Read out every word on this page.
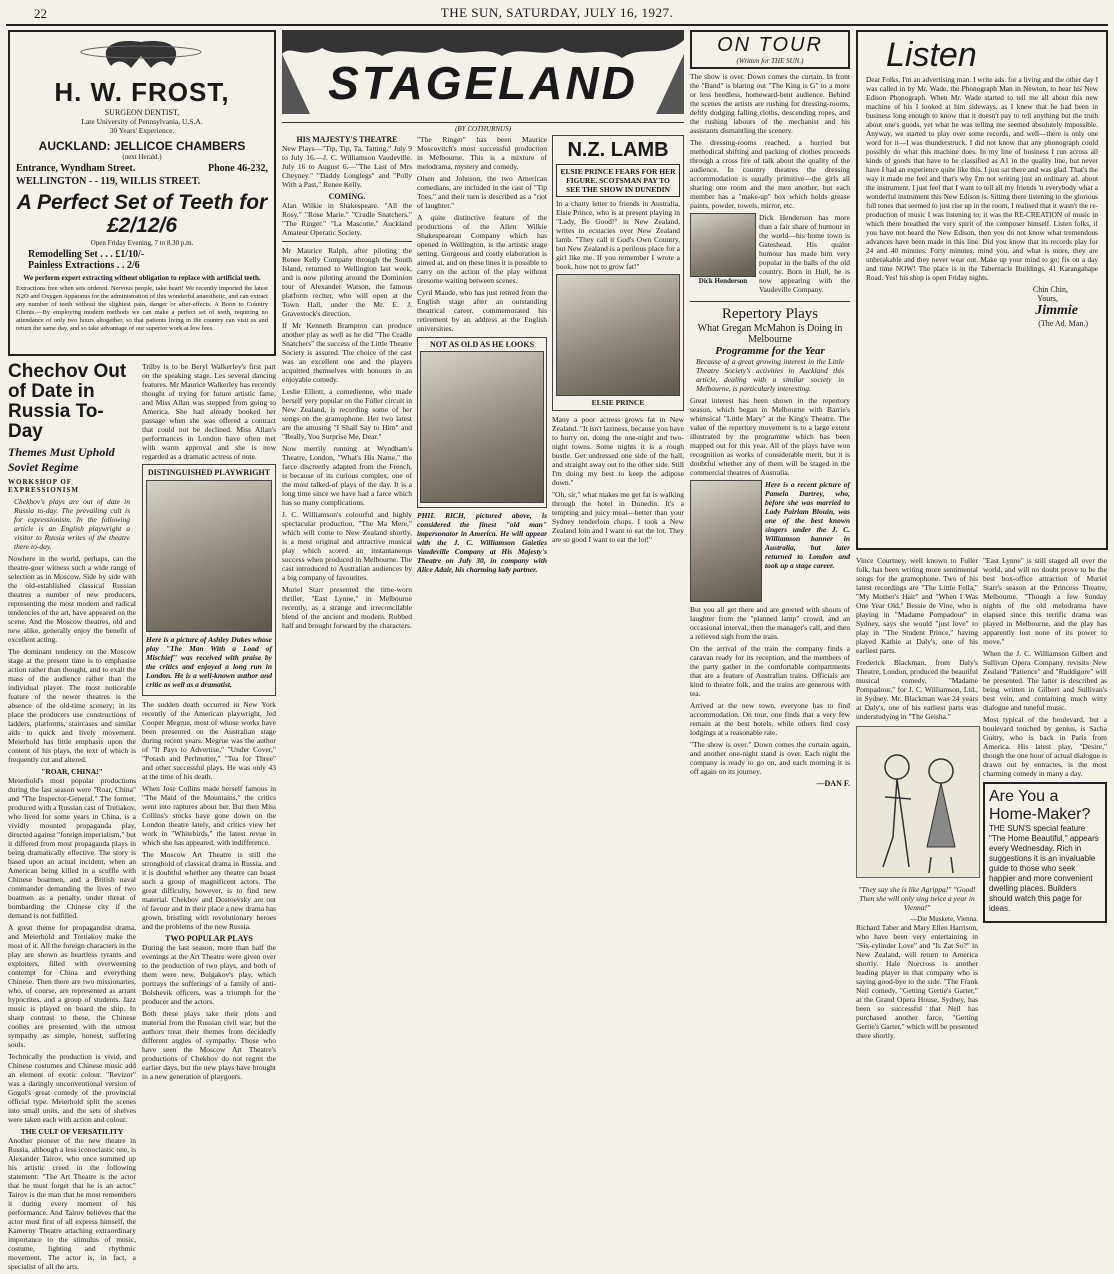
22	THE SUN, SATURDAY, JULY 16, 1927.
H. W. FROST,
SURGEON DENTIST,
Late University of Pennsylvania, U.S.A.
30 Years' Experience.
AUCKLAND: JELLICOE CHAMBERS
(next Herald.)
Entrance, Wyndham Street.	Phone 46-232,
WELLINGTON - - 119, WILLIS STREET.
A Perfect Set of Teeth for £2/12/6
Open Friday Evening, 7 to 8.30 p.m.
Remodelling Set . . . £1/10/-
Painless Extractions . . 2/6
We perform expert extracting without obligation to replace with artificial teeth.
Extractions free when sets ordered. Nervous people, take heart! We recently imported the latest N2O and Oxygen Apparatus for the administration of this wonderful anaesthetic, and can extract any number of teeth without the slightest pain, danger or after-effects. A Boon to Country Clients.—By employing modern methods we can make a perfect set of teeth, requiring no attendance of only two hours altogether, so that patients living in the country can visit us and return the same day, and so take advantage of our superior work at low fees.
Chechov Out of Date in Russia To-Day
Themes Must Uphold Soviet Regime
WORKSHOP OF EXPRESSIONISM

Chekhov's plays are out of date in Russia to-day. The prevailing cult is for expressionism. In the following article is an English playwright a visitor to Russia writes of the theatre there to-day.

Nowhere in the world, perhaps, can the theatre-goer witness such a wide range of selection as in Moscow. Side by side with the old-established classical Russian theatres a number of new producers, representing the most modern and radical tendencies of the art, have appeared on the scene. And the Moscow theatres, old and new alike, generally enjoy the benefit of excellent acting.

The dominant tendency on the Moscow stage at the present time is to emphasise action rather than thought, and to exalt the mass of the audience rather than the individual player. The most noticeable feature of the newer theatres is the absence of the old-time scenery; in its place the producers use constructions of ladders, platforms, staircases and similar aids to quick and lively movement. Meierhold has little emphasis upon the content of his plays, the text of which is frequently cut and altered.

"ROAR, CHINA!"

Meierhold's most popular productions during the last season were "Roar, China" and "The Inspector-General." The former, produced with a Russian cast of Tretiakov, who lived for some years in China, is a vividly mounted propaganda play, directed against "foreign imperialism," but it differed from most propaganda plays in being dramatically effective. The story is based upon an actual incident, when an American being killed in a scuffle with Chinese boatmen, and a British naval commander demanding the lives of two boatmen as a penalty, under threat of bombarding the Chinese city if the demand is not fulfilled.

A great theme for propagandist drama, and Meierhold and Tretiakov make the most of it. All the foreign characters in the play are shown as heartless tyrants and exploiters, filled with overweening contempt for China and everything Chinese. Then there are two missionaries, who, of course, are represented as arrant hypocrites, and a group of students. Jazz music is played on board the ship. In sharp contrast to these, the Chinese coolies are presented with the utmost sympathy as simple, honest, suffering souls.

Technically the production is vivid, and Chinese costumes and Chinese music add an element of exotic colour. "Revizor" was a daringly unconventional version of Gogol's great comedy of the provincial official type. Meierhold split the scenes into small units, and the sets of shelves were taken each with action and colour.

THE CULT OF VERSATILITY

Another pioneer of the new theatre in Russia, although a less iconoclastic one, is Alexander Tairov, who once summed up his artistic creed in the following statement: "The Art Theatre is the actor that he must forget that he is an actor." Tairov is the man that he most remembers it during every moment of his performance. And Tairov believes that the actor must first of all express himself, the Kamerny Theatre attaching extraordinary importance to the stimulus of music, costume, lighting and rhythmic movement. The actor is, in fact, a specialist of all the arts.

Trilby is to be Beryl Walkerley's first part on the speaking stage. Les several dancing features. Mr Maurice Walkerley has recently thought of trying for future artistic fame, and Miss Allan was stepped from going to America. She had already booked her passage when she was offered a contract that could not be declined. Miss Allan's performances in London have often met with warm approval and she is now regarded as a dramatic actress of note.

DISTINGUISHED PLAYWRIGHT

Here is a picture of Ashley Dukes whose play "The Man With a Load of Mischief" was received with praise by the critics and enjoyed a long run in London. He is a well-known author and critic as well as a dramatist.

The sudden death occurred in New York recently of the American playwright, Jed Cooper Megrue, most of whose works have been presented on the Australian stage during recent years. Megrue was the author of "It Pays to Advertise," "Under Cover," "Potash and Perlmutter," "Tea for Three" and other successful plays. He was only 43 at the time of his death.

When Jose Collins made herself famous in "The Maid of the Mountains," the critics went into raptures about her. But then Miss Collins's stocks have gone down on the London theatre lately, and critics view her work in "Whitebirds," the latest revue in which she has appeared, with indifference.

The Moscow Art Theatre is still the stronghold of classical drama in Russia, and it is doubtful whether any theatre can boast such a group of magnificent actors. The great difficulty, however, is to find new material. Chekhov and Dostoevsky are out of favour and in their place a new drama has grown, bristling with revolutionary heroes and the problems of the new Russia.

TWO POPULAR PLAYS

During the last season, more than half the evenings at the Art Theatre were given over to the production of two plays, and both of them were new. Bulgakov's play, which portrays the sufferings of a family of anti-Bolshevik officers, was a triumph for the producer and the actors.

Both these plays take their plots and material from the Russian civil war; but the authors treat their themes from decidedly different angles of sympathy. Those who have seen the Moscow Art Theatre's productions of Chekhov do not regret the earlier days, but the new plays have brought in a new generation of playgoers.

STAGELAND
(BY COTHURNUS)
HIS MAJESTY'S THEATRE

New Plays—"Tip, Tip, Ta, Tatting." July 9 to July 16.—J. C. Williamson Vaudeville. July 16 to August 6.—"The Last of Mrs Cheyney." "Daddy Longlegs" and "Polly With a Past," Renee Kelly.

COMING.

Alan Wilkie in Shakespeare. "All the Rosy." "Rose Marie." "Cradle Snatchers." "The Ringer." "La Mascotte," Auckland Amateur Operatic Society.

Mr Maurice Ralph, after piloting the Renee Kelly Company through the South Island, returned to Wellington last week, and is now piloting around the Dominion tour of Alexander Watson, the famous platform reciter, who will open at the Town Hall, under the Mr. E. J. Gravestock's direction.

If Mr Kenneth Brampton can produce another play as well as he did "The Cradle Snatchers" the success of the Little Theatre Society is assured. The choice of the cast was an excellent one and the players acquitted themselves with honours in an enjoyable comedy.

Leslie Elliott, a comedienne, who made herself very popular on the Fuller circuit in New Zealand, is recording some of her songs on the gramophone. Her two latest are the amusing "I Shall Say to Him" and "Really, You Surprise Me, Dear."

Now merrily running at Wyndham's Theatre, London, "What's His Name," the farce discreetly adapted from the French, is because of its curious complex, one of the most talked-of plays of the day. It is a long time since we have had a farce which has so many complications.

J. C. Williamson's colourful and highly spectacular production, "The Ma Mere," which will come to New Zealand shortly, is a most original and attractive musical play which scored an instantaneous success when produced in Melbourne. The cast introduced to Australian audiences by a big company of favourites.

Muriel Starr presented the time-worn thriller, "East Lynne," in Melbourne recently, as a strange and irreconcilable blend of the ancient and modern. Robbed half and brought forward by the characters.

"The Ringer" has been Maurice Moscovitch's most successful production in Melbourne. This is a mixture of melodrama, mystery and comedy.

Olsen and Johnson, the two American comedians, are included in the cast of "Tip Toes," and their turn is described as a "riot of laughter."

A quite distinctive feature of the productions of the Allen Wilkie Shakespearean Company which has opened in Wellington, is the artistic stage setting. Gorgeous and costly elaboration is aimed at, and on these lines it is possible to carry on the action of the play without tiresome waiting between scenes.

Cyril Maude, who has just retired from the English stage after an outstanding theatrical career, commemorated his retirement by an address at the English universities.

NOT AS OLD AS HE LOOKS

PHIL RICH, pictured above, is considered the finest "old man" impersonator in America. He will appear with the J. C. Williamson Gaieties Vaudeville Company at His Majesty's Theatre on July 30, in company with Alice Adair, his charming lady partner.

N.Z. LAMB
ELSIE PRINCE FEARS FOR HER FIGURE. SCOTSMAN PAY TO SEE THE SHOW IN DUNEDIN

In a chatty letter to friends in Australia, Elsie Prince, who is at present playing in "Lady, Be Good!" in New Zealand, writes in ecstacies over New Zealand lamb. "They call it God's Own Country, but New Zealand is a perilous place for a girl like me. If you remember I wrote a book, how not to grow fat!"

ELSIE PRINCE

Many a poor actress grows fat in New Zealand. "It isn't laziness, because you have to hurry on, doing the one-night and two-night towns. Some nights it is a rough bustle. Get undressed one side of the hall, and straight away out to the other side. Still I'm doing my best to keep the adipose down."

"Oh, sir," what makes me get fat is walking through the hotel in Dunedin. It's a tempting and juicy meal—better than your Sydney tenderloin chops. I took a New Zealand loin and I want to eat the lot. They are so good I want to eat the lot!"

ON TOUR
(Written for THE SUN.)

The show is over. Down comes the curtain. In front the "Band" is blaring out "The King is G" to a more or less heedless, homeward-bent audience. Behind the scenes the artists are rushing for dressing-rooms, deftly dodging falling cloths, descending ropes, and the rushing labours of the mechanist and his assistants dismantling the scenery.

The dressing-rooms reached, a hurried but methodical shifting and packing of clothes proceeds through a cross fire of talk about the quality of the audience. In country theatres the dressing accommodation is usually primitive—the girls all sharing one room and the men another, but each member has a "make-up" box which holds grease paints, powder, towels, mirror, etc.

Dick Henderson

Dick Henderson has more than a fair share of humour in the world—his home town is Gateshead. His quaint humour has made him very popular in the halls of the old country. Born in Hull, he is now appearing with the Vaudeville Company.

Repertory Plays
What Gregan McMahon is Doing in Melbourne
Programme for the Year

Because of a great growing interest in the Little Theatre Society's activities in Auckland this article, dealing with a similar society in Melbourne, is particularly interesting.

Great interest has been shown in the repertory season, which began in Melbourne with Barrie's whimsical "Little Mary" at the King's Theatre. The value of the repertory movement is to a large extent illustrated by the programme which has been mapped out for this year. All of the plays have won recognition as works of considerable merit, but it is doubtful whether any of them will be staged in the commercial theatres of Australia.

Here is a recent picture of Pamela Dartrey, who, before she was married to Lady Pairlam Blouin, was one of the best known singers under the J. C. Williamson banner in Australia, but later returned to London and took up a stage career.

But you all get there and are greeted with shouts of laughter from the "planned lamp" crowd, and an occasional interval, then the manager's call, and then a relieved sigh from the train.

On the arrival of the train the company finds a caravan ready for its reception, and the members of the party gather in the comfortable compartments that are a feature of Australian trains. Officials are kind to theatre folk, and the trains are generous with tea.

Arrived at the new town, everyone has to find accommodation. On tour, one finds that a very few remain at the best hotels, while others find cosy lodgings at a reasonable rate.

"The show is over." Down comes the curtain again, and another one-night stand is over. Each night the company is ready to go on, and each morning it is off again on its journey.

—DAN F.
Listen

Dear Folks, I'm an advertising man. I write ads. for a living and the other day I was called in by Mr. Wade, the Phonograph Man in Newton, to hear his New Edison Phonograph. When Mr. Wade started to tell me all about this new machine of his I looked at him sideways, as I knew that he had been in business long enough to know that it doesn't pay to tell anything but the truth about one's goods, yet what he was telling me seemed absolutely impossible. Anyway, we started to play over some records, and well—there is only one word for it—I was thunderstruck. I did not know that any phonograph could possibly do what this machine does. In my line of business I run across all kinds of goods that have to be classified as A1 in the quality line, but never have I had an experience quite like this. I just sat there and was glad. That's the way it made me feel and that's why I'm not writing just an ordinary ad. about the instrument. I just feel that I want to tell all my friends 'n everybody what a wonderful instrument this New Edison is. Sitting there listening to the glorious full tones that seemed to just rise up in the room, I realised that it wasn't the re-production of music I was listening to; it was the RE-CREATION of music in which there breathed the very spirit of the composer himself. Listen folks, if you have not heard the New Edison, then you do not know what tremendous advances have been made in this line. Did you know that its records play for 24 and 40 minutes. Forty minutes, mind you, and what is more, they are unbreakable and they never wear out. Make up your mind to go; fix on a day and time NOW! The place is in the Tabernacle Buildings, 41 Karangahape Road. Yes! his shop is open Friday nights.

Chin Chin,
Yours,
Jimmie
(The Ad. Man.)

Vince Courtney, well known to Fuller folk, has been writing more sentimental songs for the gramophone. Two of his latest recordings are "The Little Fella," "My Mother's Hair" and "When I Was One Year Old." Bessie de Vine, who is playing in "Madame Pompadour" in Sydney, says she would "just love" to play in "The Student Prince," having played Kathie at Daly's, one of his earliest parts.

Frederick Blackman, from Daly's Theatre, London, produced the beautiful musical comedy, "Madame Pompadour," for J. C. Williamson, Ltd., in Sydney. Mr. Blackman was 24 years at Daly's, one of his earliest parts was understudying in "The Geisha."

"They say she is like Agrippa!" "Good! Then she will only sing twice a year in Vienna!"

—Die Muskete, Vienna.

Richard Taber and Mary Ellen Harrison, who have been very entertaining in "Six-cylinder Love" and "Is Zat So?" in New Zealand, will return to America shortly. Hale Norcross is another leading player in that company who is saying good-bye to the side. "The Frank Neil comedy, "Getting Gertie's Garter," at the Grand Opera House, Sydney, has been so successful that Neil has purchased another farce, "Getting Gertie's Garter," which will be presented there shortly.

"East Lynne" is still staged all over the world, and will no doubt prove to be the best box-office attraction of Muriel Starr's season at the Princess Theatre, Melbourne. "Though a few Sunday nights of the old melodrama have elapsed since this terrific drama was played in Melbourne, and the play has apparently lost none of its power to move."

When the J. C. Williamson Gilbert and Sullivan Opera Company revisits New Zealand "Patience" and "Ruddigore" will be presented. The latter is described as being written in Gilbert and Sullivan's best vein, and containing much witty dialogue and tuneful music.

Most typical of the boulevard, but a boulevard touched by genius, is Sacha Guitry, who is back in Paris from America. His latest play, "Desire," though the one hour of actual dialogue is drawn out by entractes, is the most charming comedy in many a day.

Are You a Home-Maker?

THE SUN'S special feature "The Home Beautiful," appears every Wednesday. Rich in suggestions it is an invaluable guide to those who seek happier and more convenient dwelling places. Builders should watch this page for ideas.
